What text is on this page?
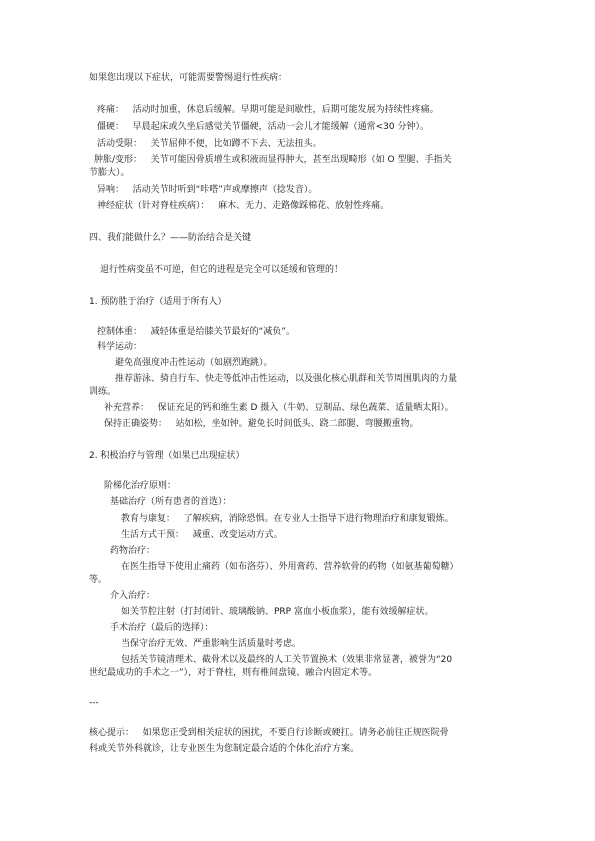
如果您出现以下症状，可能需要警惕退行性疾病：
疼痛： 活动时加重，休息后缓解。早期可能是间歇性，后期可能发展为持续性疼痛。
僵硬： 早晨起床或久坐后感觉关节僵硬，活动一会儿才能缓解（通常<30 分钟）。
活动受限： 关节屈伸不便，比如蹲不下去、无法扭头。
肿胀/变形： 关节可能因骨质增生或积液而显得肿大，甚至出现畸形（如 O 型腿、手指关
节膨大）。
异响： 活动关节时听到“咔嗒”声或摩擦声（捻发音）。
神经症状（针对脊柱疾病）： 麻木、无力、走路像踩棉花、放射性疼痛。
四、我们能做什么？——防治结合是关键
退行性病变虽不可逆，但它的进程是完全可以延缓和管理的！
1. 预防胜于治疗（适用于所有人）
控制体重： 减轻体重是给膝关节最好的“减负”。
科学运动：
避免高强度冲击性运动（如剧烈跑跳）。
推荐游泳、骑自行车、快走等低冲击性运动，以及强化核心肌群和关节周围肌肉的力量
训练。
补充营养： 保证充足的钙和维生素 D 摄入（牛奶、豆制品、绿色蔬菜、适量晒太阳）。
保持正确姿势： 站如松，坐如钟。避免长时间低头、跷二郎腿、弯腰搬重物。
2. 积极治疗与管理（如果已出现症状）
阶梯化治疗原则：
基础治疗（所有患者的首选）：
教育与康复： 了解疾病，消除恐惧。在专业人士指导下进行物理治疗和康复锻炼。
生活方式干预： 减重、改变运动方式。
药物治疗：
在医生指导下使用止痛药（如布洛芬）、外用膏药、营养软骨的药物（如氨基葡萄糖）
等。
介入治疗：
如关节腔注射（打封闭针、玻璃酸钠、PRP 富血小板血浆），能有效缓解症状。
手术治疗（最后的选择）：
当保守治疗无效、严重影响生活质量时考虑。
包括关节镜清理术、截骨术以及最终的人工关节置换术（效果非常显著，被誉为“20
世纪最成功的手术之一”），对于脊柱，则有椎间盘镜、融合内固定术等。
---
核心提示： 如果您正受到相关症状的困扰，不要自行诊断或硬扛。请务必前往正规医院骨
科或关节外科就诊，让专业医生为您制定最合适的个体化治疗方案。
